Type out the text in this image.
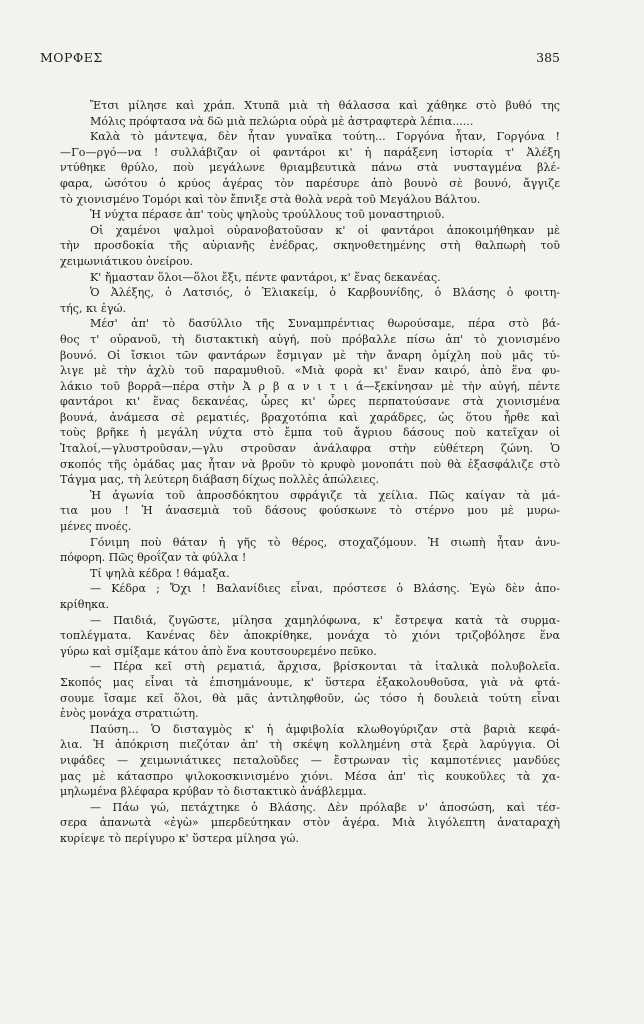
ΜΟΡΦΕΣ	385
Ἔτσι μίλησε καὶ χράπ. Χτυπᾶ μιὰ τὴ θάλασσα καὶ χάθηκε στὸ βυθό της
Μόλις πρόφτασα νὰ δῶ μιὰ πελώρια οὐρὰ μὲ ἀστραφτερὰ λέπια......
Καλὰ τὸ μάντεψα, δὲν ἦταν γυναῖκα τούτη... Γοργόνα ἦταν, Γοργόνα !
—Γο—ργό—να ! συλλάβιζαν οἱ φαντάροι κι' ἡ παράξενη ἱστορία τ' Ἀλέξη
ντύθηκε θρύλο, ποὺ μεγάλωνε θριαμβευτικὰ πάνω στὰ νυσταγμένα βλέ-
φαρα, ὡσότου ὁ κρύος ἀγέρας τὸν παρέσυρε ἀπὸ βουνὸ σὲ βουνό, ἄγγιζε
τὸ χιονισμένο Τομόρι καὶ τὸν ἔπνιξε στὰ θολὰ νερὰ τοῦ Μεγάλου Βάλτου.
Ἡ νύχτα πέρασε ἀπ' τοὺς ψηλοὺς τρούλλους τοῦ μοναστηριοῦ.
Οἱ χαμένοι ψαλμοὶ οὐρανοβατοῦσαν κ' οἱ φαντάροι ἀποκοιμήθηκαν μὲ
τὴν προσδοκία τῆς αὐριανῆς ἐνέδρας, σκηνοθετημένης στὴ θαλπωρὴ τοῦ
χειμωνιάτικου ὀνείρου.
Κ' ἤμασταν ὅλοι—ὅλοι ἔξι, πέντε φαντάροι, κ' ἕνας δεκανέας.
Ὁ Ἀλέξης, ὁ Λατσιός, ὁ Ἐλιακείμ, ὁ Καρβουνίδης, ὁ Βλάσης ὁ φοιτη-
τής, κι ἐγώ.
Μέσ' ἀπ' τὸ δασύλλιο τῆς Συναμπρέντιας θωρούσαμε, πέρα στὸ βά-
θος τ' οὐρανοῦ, τὴ διστακτικὴ αὐγή, ποὺ πρόβαλλε πίσω ἀπ' τὸ χιονισμένο
βουνό. Οἱ ἴσκιοι τῶν φαντάρων ἔσμιγαν μὲ τὴν ἄναρη ὀμίχλη ποὺ μᾶς τύ-
λιγε μὲ τὴν ἀχλὺ τοῦ παραμυθιοῦ. «Μιὰ φορὰ κι' ἕναν καιρό, ἀπὸ ἕνα φυ-
λάκιο τοῦ βορρᾶ—πέρα στὴν Ἀ ρ β α ν ι τ ι ά—ξεκίνησαν μὲ τὴν αὐγή, πέντε
φαντάροι κι' ἕνας δεκανέας, ὧρες κι' ὧρες περπατούσανε στὰ χιονισμένα
βουνά, ἀνάμεσα σὲ ρεματιές, βραχοτόπια καὶ χαράδρες, ὡς ὅτου ἦρθε καὶ
τοὺς βρῆκε ἡ μεγάλη νύχτα στὸ ἔμπα τοῦ ἄγριου δάσους ποὺ κατεῖχαν οἱ
Ἰταλοί,—γλυστροῦσαν,—γλυ στροῦσαν ἀνάλαφρα στὴν εὐθέτερη ζώνη. Ὁ
σκοπός τῆς ὁμάδας μας ἦταν νὰ βροῦν τὸ κρυφὸ μονοπάτι ποὺ θὰ ἐξασφάλιζε στὸ
Τάγμα μας, τὴ λεύτερη διάβαση δίχως πολλὲς ἀπώλειες.
Ἡ ἀγωνία τοῦ ἀπροσδόκητου σφράγιζε τὰ χείλια. Πῶς καίγαν τὰ μά-
τια μου ! Ἡ ἀνασεμιὰ τοῦ δάσους φούσκωνε τὸ στέρνο μου μὲ μυρω-
μένες πνοές.
Γόνιμη ποὺ θάταν ἡ γῆς τὸ θέρος, στοχαζόμουν. Ἡ σιωπὴ ἦταν ἀνυ-
πόφορη. Πῶς θροΐζαν τὰ φύλλα !
Τί ψηλὰ κέδρα ! θάμαξα.
— Κέδρα ; Ὄχι ! Βαλανίδιες εἶναι, πρόστεσε ὁ Βλάσης. Ἐγὼ δὲν ἀπο-
κρίθηκα.
— Παιδιά, ζυγῶστε, μίλησα χαμηλόφωνα, κ' ἔστρεψα κατὰ τὰ συρμα-
τοπλέγματα. Κανένας δὲν ἀποκρίθηκε, μονάχα τὸ χιόνι τριζοβόλησε ἕνα
γύρω καὶ σμίξαμε κάτου ἀπὸ ἕνα κουτσουρεμένο πεῦκο.
— Πέρα κεῖ στὴ ρεματιά, ἄρχισα, βρίσκονται τὰ ἰταλικὰ πολυβολεῖα.
Σκοπός μας εἶναι τὰ ἐπισημάνουμε, κ' ὕστερα ἐξακολουθοῦσα, γιὰ νὰ φτά-
σουμε ἴσαμε κεῖ ὅλοι, θὰ μᾶς ἀντιληφθοῦν, ὡς τόσο ἡ δουλειὰ τούτη εἶναι
ἑνὸς μονάχα στρατιώτη.
Παύση... Ὁ δισταγμὸς κ' ἡ ἀμφιβολία κλωθογύριζαν στὰ βαριὰ κεφά-
λια. Ἡ ἀπόκριση πιεζόταν ἀπ' τὴ σκέψη κολλημένη στὰ ξερὰ λαρύγγια. Οἱ
νιφάδες — χειμωνιάτικες πεταλοῦδες — ἔστρωναν τὶς καμποτένιες μανδύες
μας μὲ κάτασπρο ψιλοκοσκινισμένο χιόνι. Μέσα ἀπ' τὶς κουκοῦλες τὰ χα-
μηλωμένα βλέφαρα κρύβαν τὸ διστακτικὸ ἀνάβλεμμα.
— Πάω γώ, πετάχτηκε ὁ Βλάσης. Δὲν πρόλαβε ν' ἀποσώση, καὶ τέσ-
σερα ἀπανωτὰ «ἐγὼ» μπερδεύτηκαν στὸν ἀγέρα. Μιὰ λιγόλεπτη ἀναταραχὴ
κυρίεψε τὸ περίγυρο κ' ὕστερα μίλησα γώ.
